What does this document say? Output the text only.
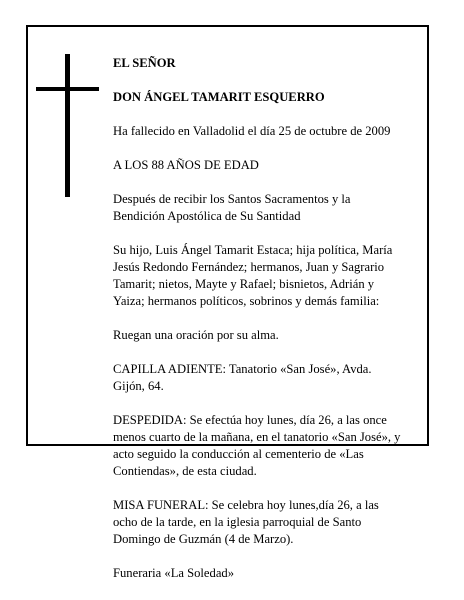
EL SEÑOR

DON ÁNGEL TAMARIT ESQUERRO

Ha fallecido en Valladolid el día 25 de octubre de 2009

A LOS 88 AÑOS DE EDAD

Después de recibir los Santos Sacramentos y la
Bendición Apostólica de Su Santidad

Su hijo, Luis Ángel Tamarit Estaca; hija política, María
Jesús Redondo Fernández; hermanos, Juan y Sagrario
Tamarit; nietos, Mayte y Rafael; bisnietos, Adrián y
Yaiza; hermanos políticos, sobrinos y demás familia:

Ruegan una oración por su alma.

CAPILLA ADIENTE: Tanatorio «San José», Avda.
Gijón, 64.

DESPEDIDA: Se efectúa hoy lunes, día 26, a las once
menos cuarto de la mañana, en el tanatorio «San José», y
acto seguido la conducción al cementerio de «Las
Contiendas», de esta ciudad.

MISA FUNERAL: Se celebra hoy lunes,día 26, a las
ocho de la tarde, en la iglesia parroquial de Santo
Domingo de Guzmán (4 de Marzo).

Funeraria «La Soledad»
